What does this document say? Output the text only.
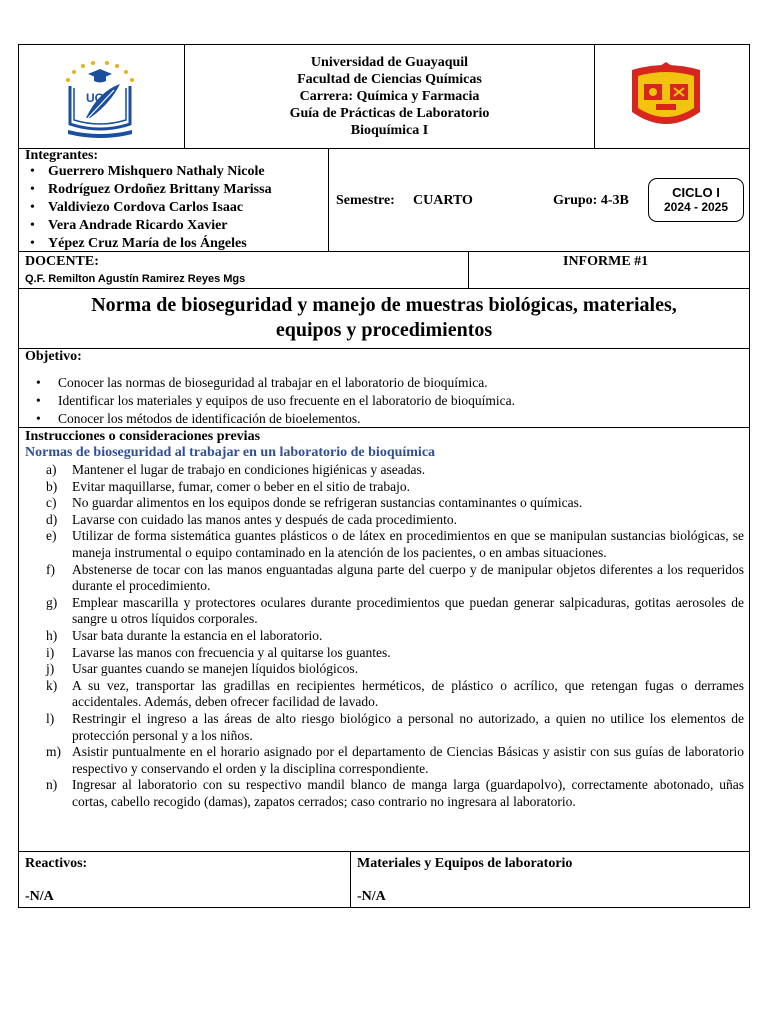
UG
Universidad de Guayaquil
Facultad de Ciencias Químicas
Carrera: Química y Farmacia
Guía de Prácticas de Laboratorio
Bioquímica I
Integrantes:
• Guerrero Mishquero Nathaly Nicole
• Rodríguez Ordoñez Brittany Marissa
• Valdiviezo Cordova Carlos Isaac
• Vera Andrade Ricardo Xavier
• Yépez Cruz María de los Ángeles
Semestre: CUARTO	Grupo: 4-3B
CICLO I
2024 - 2025
DOCENTE:
Q.F. Remilton Agustín Ramirez Reyes Mgs
INFORME #1
Norma de bioseguridad y manejo de muestras biológicas, materiales,
equipos y procedimientos
Objetivo:
• Conocer las normas de bioseguridad al trabajar en el laboratorio de bioquímica.
• Identificar los materiales y equipos de uso frecuente en el laboratorio de bioquímica.
• Conocer los métodos de identificación de bioelementos.
Instrucciones o consideraciones previas
Normas de bioseguridad al trabajar en un laboratorio de bioquímica
a) Mantener el lugar de trabajo en condiciones higiénicas y aseadas.
b) Evitar maquillarse, fumar, comer o beber en el sitio de trabajo.
c) No guardar alimentos en los equipos donde se refrigeran sustancias contaminantes o químicas.
d) Lavarse con cuidado las manos antes y después de cada procedimiento.
e) Utilizar de forma sistemática guantes plásticos o de látex en procedimientos en que se manipulan sustancias biológicas, se maneja instrumental o equipo contaminado en la atención de los pacientes, o en ambas situaciones.
f) Abstenerse de tocar con las manos enguantadas alguna parte del cuerpo y de manipular objetos diferentes a los requeridos durante el procedimiento.
g) Emplear mascarilla y protectores oculares durante procedimientos que puedan generar salpicaduras, gotitas aerosoles de sangre u otros líquidos corporales.
h) Usar bata durante la estancia en el laboratorio.
i) Lavarse las manos con frecuencia y al quitarse los guantes.
j) Usar guantes cuando se manejen líquidos biológicos.
k) A su vez, transportar las gradillas en recipientes herméticos, de plástico o acrílico, que retengan fugas o derrames accidentales. Además, deben ofrecer facilidad de lavado.
l) Restringir el ingreso a las áreas de alto riesgo biológico a personal no autorizado, a quien no utilice los elementos de protección personal y a los niños.
m) Asistir puntualmente en el horario asignado por el departamento de Ciencias Básicas y asistir con sus guías de laboratorio respectivo y conservando el orden y la disciplina correspondiente.
n) Ingresar al laboratorio con su respectivo mandil blanco de manga larga (guardapolvo), correctamente abotonado, uñas cortas, cabello recogido (damas), zapatos cerrados; caso contrario no ingresara al laboratorio.
Reactivos:
-N/A
Materiales y Equipos de laboratorio
-N/A
